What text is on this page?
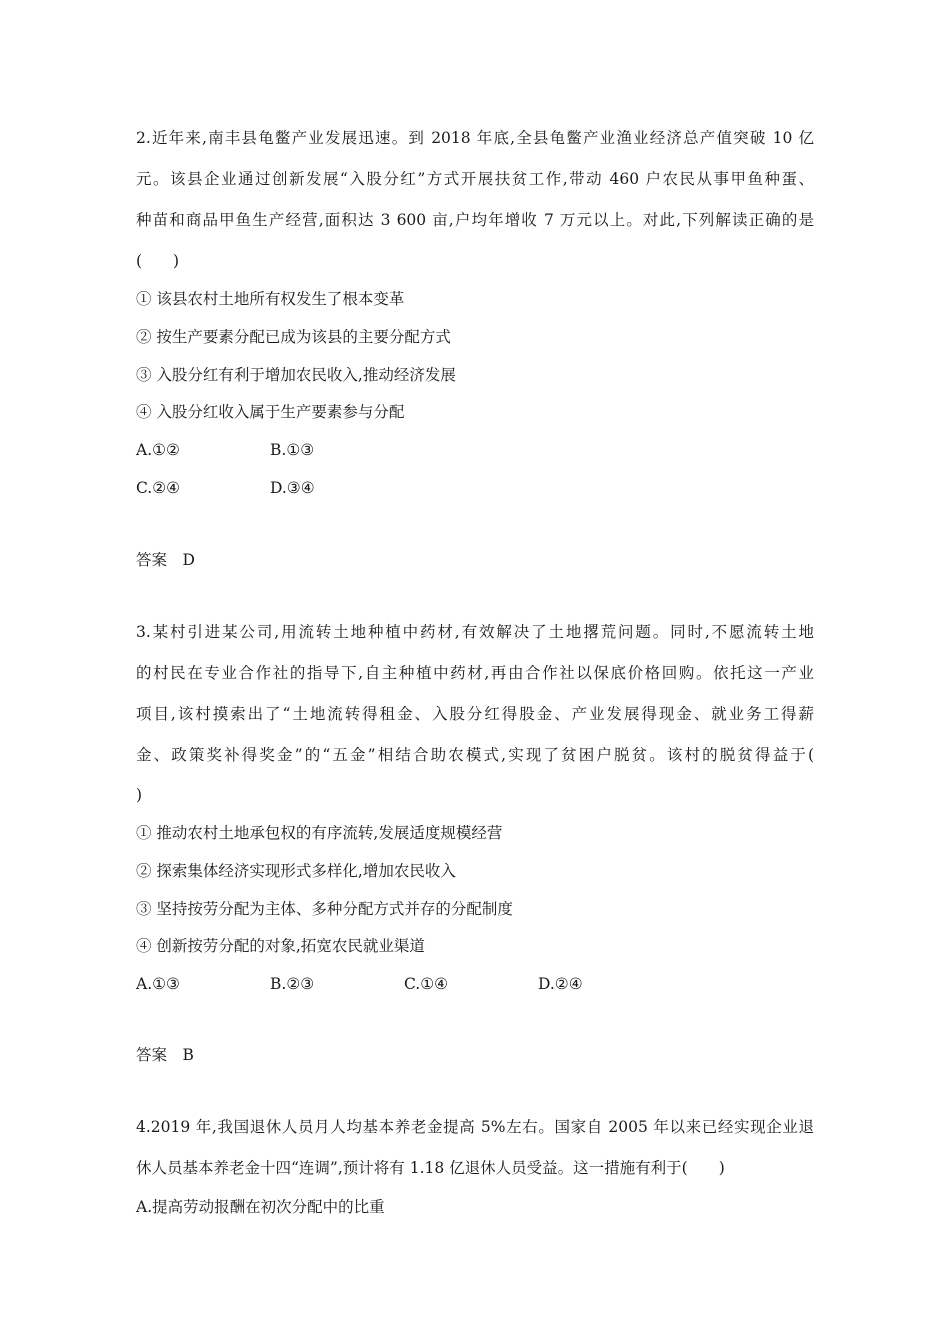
2.近年来,南丰县龟鳖产业发展迅速。到 2018 年底,全县龟鳖产业渔业经济总产值突破 10 亿
元。该县企业通过创新发展“入股分红”方式开展扶贫工作,带动 460 户农民从事甲鱼种蛋、
种苗和商品甲鱼生产经营,面积达 3 600 亩,户均年增收 7 万元以上。对此,下列解读正确的是
(　　)
① 该县农村土地所有权发生了根本变革
② 按生产要素分配已成为该县的主要分配方式
③ 入股分红有利于增加农民收入,推动经济发展
④ 入股分红收入属于生产要素参与分配
A.①②	B.①③
C.②④	D.③④
答案　D
3.某村引进某公司,用流转土地种植中药材,有效解决了土地撂荒问题。同时,不愿流转土地
的村民在专业合作社的指导下,自主种植中药材,再由合作社以保底价格回购。依托这一产业
项目,该村摸索出了“土地流转得租金、入股分红得股金、产业发展得现金、就业务工得薪
金、政策奖补得奖金”的“五金”相结合助农模式,实现了贫困户脱贫。该村的脱贫得益于(
)
① 推动农村土地承包权的有序流转,发展适度规模经营
② 探索集体经济实现形式多样化,增加农民收入
③ 坚持按劳分配为主体、多种分配方式并存的分配制度
④ 创新按劳分配的对象,拓宽农民就业渠道
A.①③	B.②③	C.①④	D.②④
答案　B
4.2019 年,我国退休人员月人均基本养老金提高 5%左右。国家自 2005 年以来已经实现企业退
休人员基本养老金十四“连调”,预计将有 1.18 亿退休人员受益。这一措施有利于(　　)
A.提高劳动报酬在初次分配中的比重
